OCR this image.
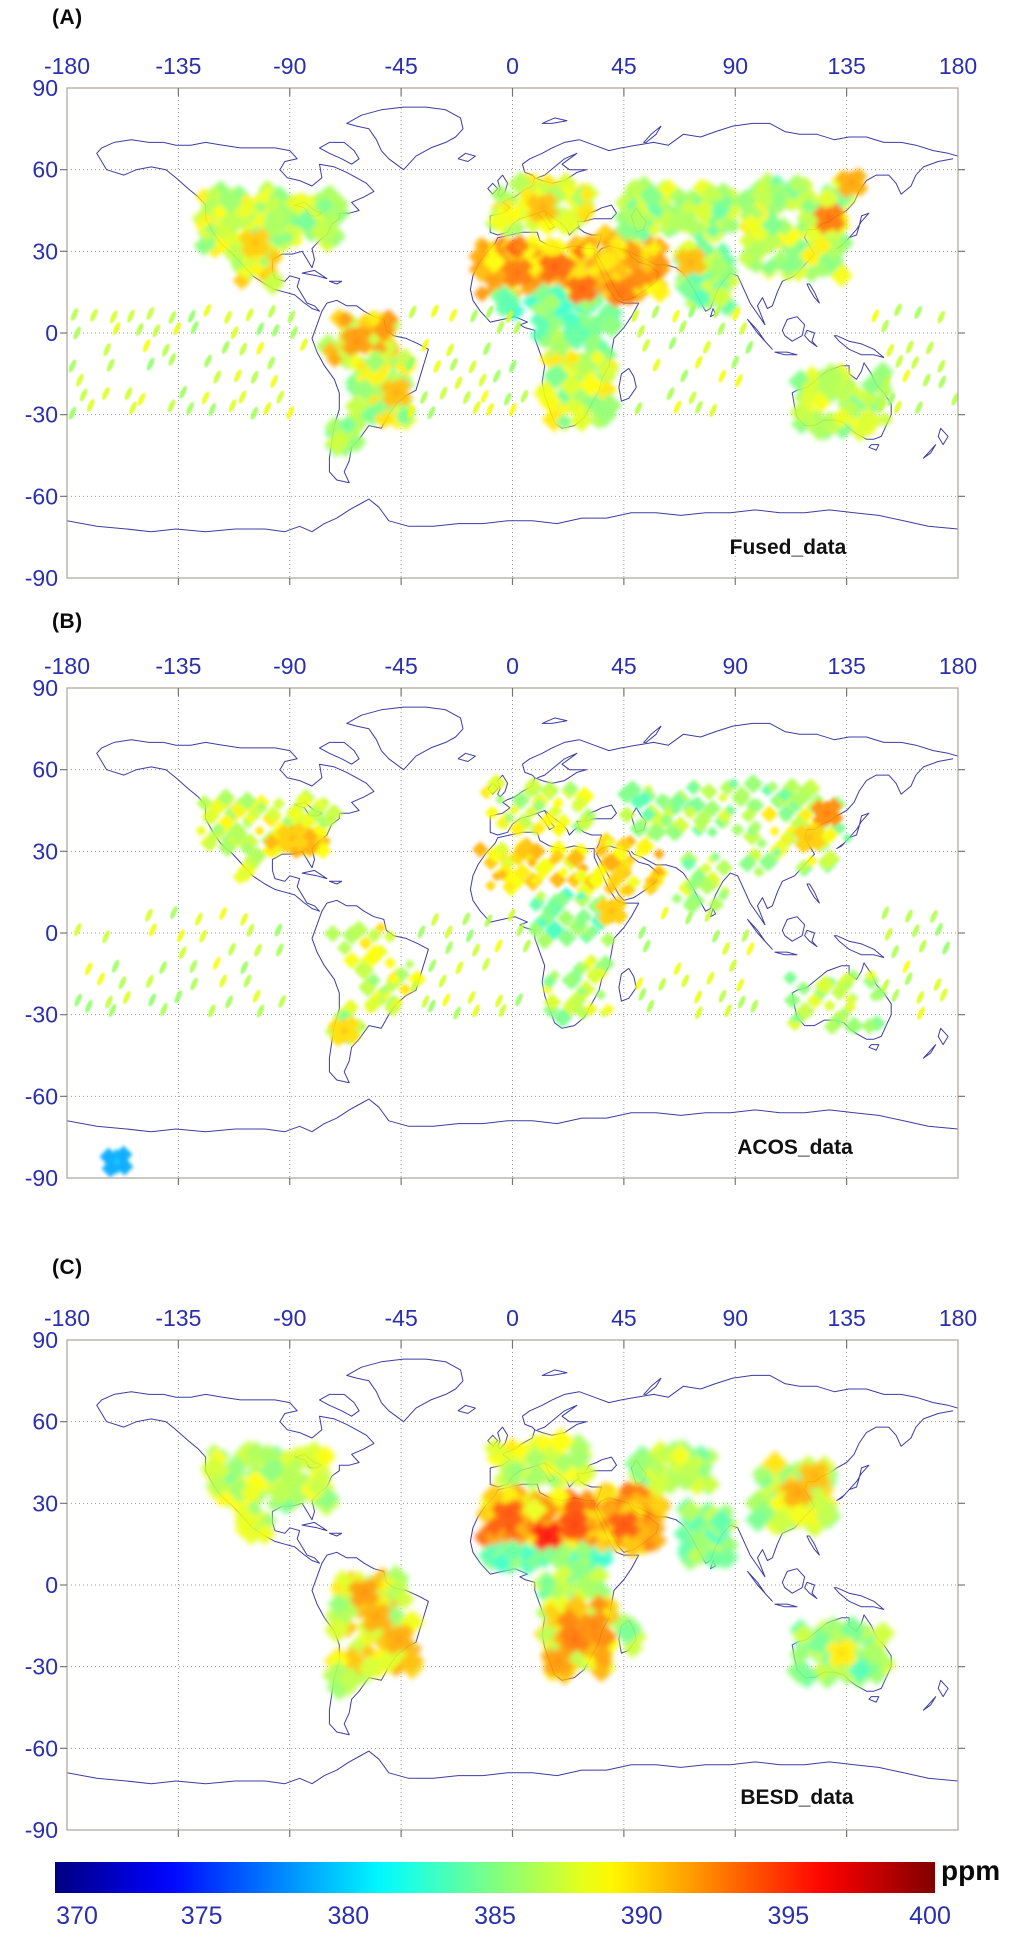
-180	-135	-90	-45	0	45	90	135	180
90
60
30
0
-30
-60
-90
-180	-135	-90	-45	0	45	90	135	180
90
60
30
0
-30
-60
-90
-180	-135	-90	-45	0	45	90	135	180
90
60
30
0
-30
-60
-90
370	375	380	385	390	395	400
(A)
(B)
(C)
Fused_data
ACOS_data
BESD_data
ppm
